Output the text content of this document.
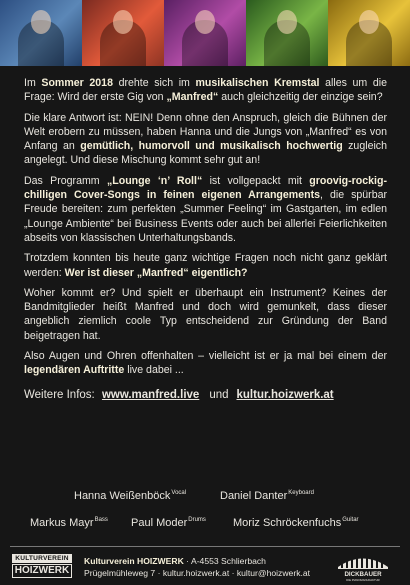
Im Sommer 2018 drehte sich im musikalischen Kremstal alles um die Frage: Wird der erste Gig von „Manfred“ auch gleichzeitig der einzige sein?

Die klare Antwort ist: NEIN! Denn ohne den Anspruch, gleich die Bühnen der Welt erobern zu müssen, haben Hanna und die Jungs von „Manfred“ es von Anfang an gemütlich, humorvoll und musikalisch hochwertig zugleich angelegt. Und diese Mischung kommt sehr gut an!

Das Programm „Lounge ‘n’ Roll“ ist vollgepackt mit groovig-rockig-chilligen Cover-Songs in feinen eigenen Arrangements, die spürbar Freude bereiten: zum perfekten „Summer Feeling“ im Gastgarten, im edlen „Lounge Ambiente“ bei Business Events oder auch bei allerlei Feierlichkeiten abseits von klassischen Unterhaltungsbands.

Trotzdem konnten bis heute ganz wichtige Fragen noch nicht ganz geklärt werden: Wer ist dieser „Manfred“ eigentlich?

Woher kommt er? Und spielt er überhaupt ein Instrument? Keines der Bandmitglieder heißt Manfred und doch wird gemunkelt, dass dieser angeblich ziemlich coole Typ entscheidend zur Gründung der Band beigetragen hat.

Also Augen und Ohren offenhalten – vielleicht ist er ja mal bei einem der legendären Auftritte live dabei ...

Weitere Infos: www.manfred.live und kultur.hoizwerk.at
Hanna Weißenböck$^{Vocal}$	Daniel Danter$^{Keyboard}$
Markus Mayr$^{Bass}$ Paul Moder$^{Drums}$ Moriz Schröckenfuchs$^{Guitar}$
KULTURVEREIN
HOIZWERK
Kulturverein HOIZWERK · A-4553 Schlierbach
Prügelmühleweg 7 · kultur.hoizwerk.at · kultur@hoizwerk.at	DICKBAUER
DIE PIANOMANUFAKTUR
